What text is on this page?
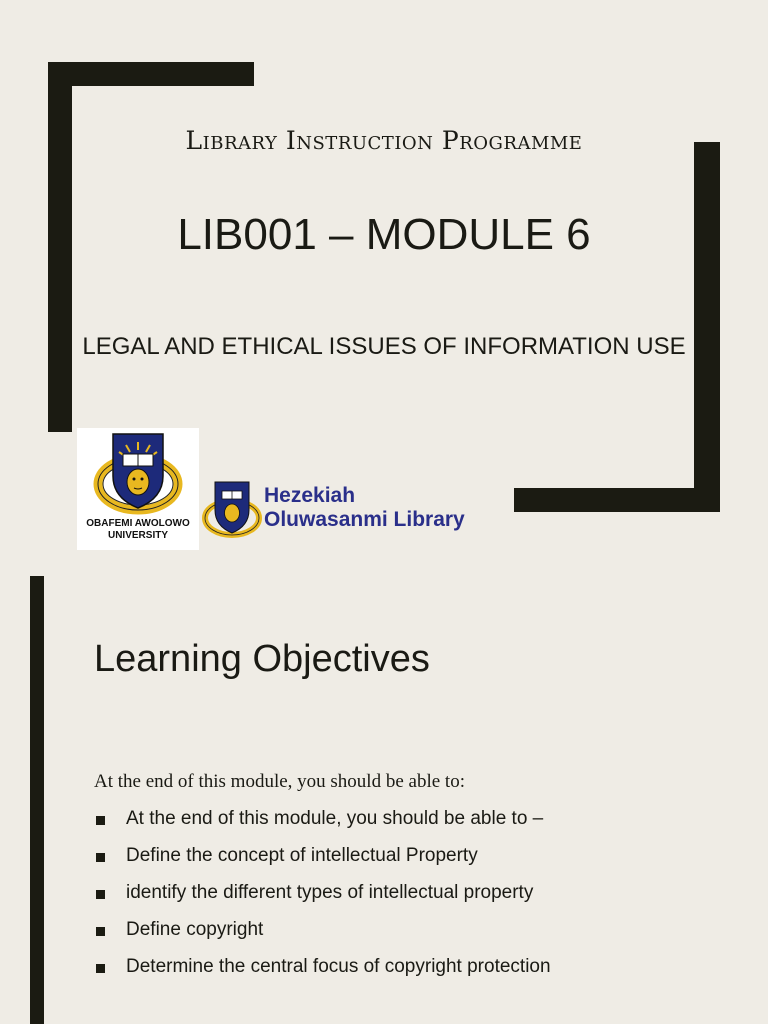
Library Instruction Programme
LIB001 – MODULE 6
LEGAL AND ETHICAL ISSUES OF INFORMATION USE
OBAFEMI AWOLOWO
UNIVERSITY
Hezekiah
Oluwasanmi Library
Learning Objectives
At the end of this module, you should be able to:
At the end of this module, you should be able to –
Define the concept of intellectual Property
identify the different types of intellectual property
Define copyright
Determine the central focus of copyright protection
